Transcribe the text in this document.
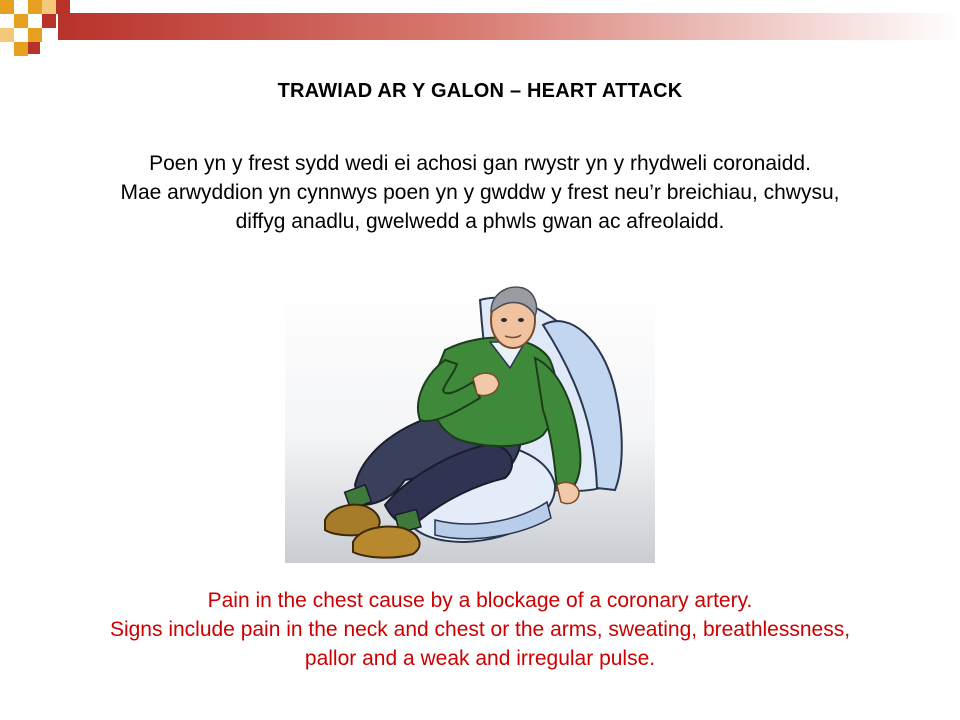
TRAWIAD AR Y GALON – HEART ATTACK

Poen yn y frest sydd wedi ei achosi gan rwystr yn y rhydweli coronaidd.
Mae arwyddion yn cynnwys poen yn y gwddw y frest neu’r breichiau, chwysu,
diffyg anadlu, gwelwedd a phwls gwan ac afreolaidd.

Pain in the chest cause by a blockage of a coronary artery.
Signs include pain in the neck and chest or the arms, sweating, breathlessness,
pallor and a weak and irregular pulse.
